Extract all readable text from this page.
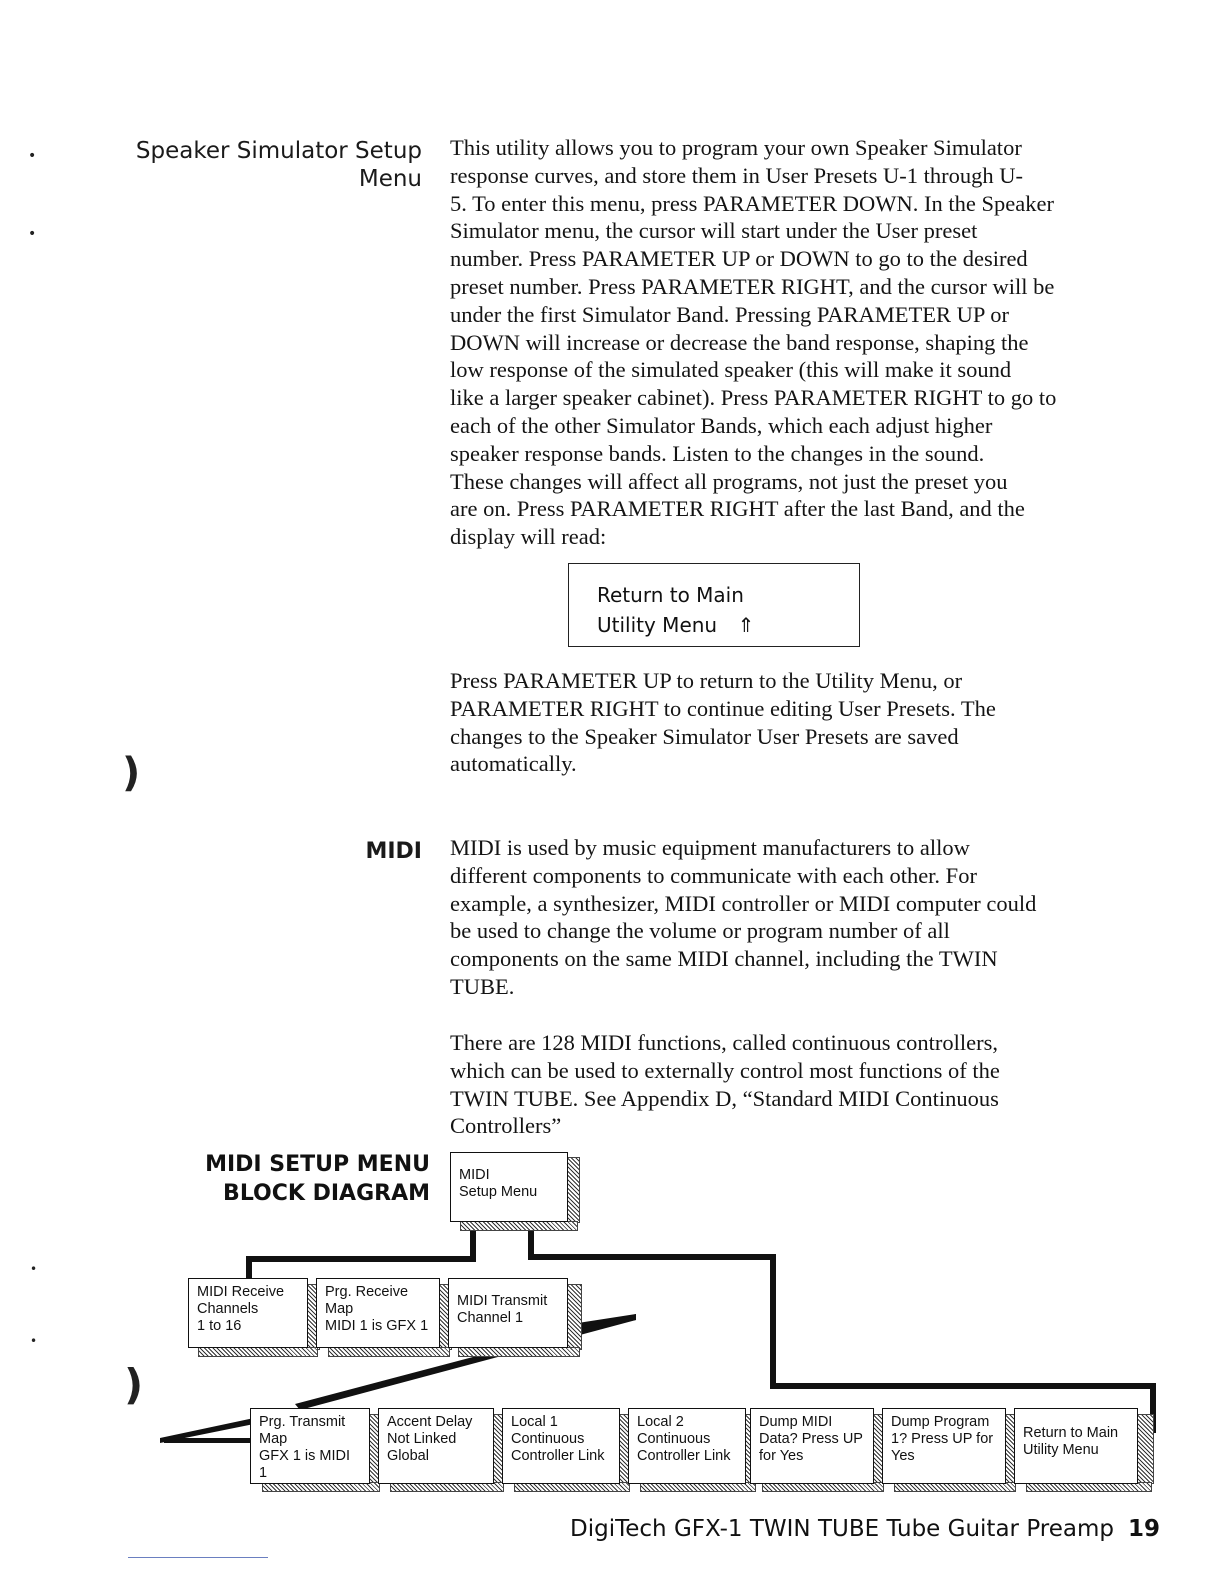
Speaker Simulator Setup
Menu
This utility allows you to program your own Speaker Simulator
response curves, and store them in User Presets U-1 through U-
5. To enter this menu, press PARAMETER DOWN. In the Speaker
Simulator menu, the cursor will start under the User preset
number. Press PARAMETER UP or DOWN to go to the desired
preset number. Press PARAMETER RIGHT, and the cursor will be
under the first Simulator Band. Pressing PARAMETER UP or
DOWN will increase or decrease the band response, shaping the
low response of the simulated speaker (this will make it sound
like a larger speaker cabinet). Press PARAMETER RIGHT to go to
each of the other Simulator Bands, which each adjust higher
speaker response bands. Listen to the changes in the sound.
These changes will affect all programs, not just the preset you
are on. Press PARAMETER RIGHT after the last Band, and the
display will read:
Return to Main
Utility Menu ⇑
Press PARAMETER UP to return to the Utility Menu, or
PARAMETER RIGHT to continue editing User Presets. The
changes to the Speaker Simulator User Presets are saved
automatically.
MIDI MIDI is used by music equipment manufacturers to allow
different components to communicate with each other. For
example, a synthesizer, MIDI controller or MIDI computer could
be used to change the volume or program number of all
components on the same MIDI channel, including the TWIN
TUBE.
There are 128 MIDI functions, called continuous controllers,
which can be used to externally control most functions of the
TWIN TUBE. See Appendix D, “Standard MIDI Continuous
Controllers”
MIDI SETUP MENU
BLOCK DIAGRAM
MIDI
Setup Menu
MIDI Receive
Channels
1 to 16
Prg. Receive
Map
MIDI 1 is GFX 1
MIDI Transmit
Channel 1
Prg. Transmit
Map
GFX 1 is MIDI 1
Accent Delay
Not Linked
Global
Local 1
Continuous
Controller Link
Local 2
Continuous
Controller Link
Dump MIDI
Data? Press UP
for Yes
Dump Program
1? Press UP for
Yes
Return to Main
Utility Menu
•
•
)
•
•
)
DigiTech GFX-1 TWIN TUBE Tube Guitar Preamp 19
